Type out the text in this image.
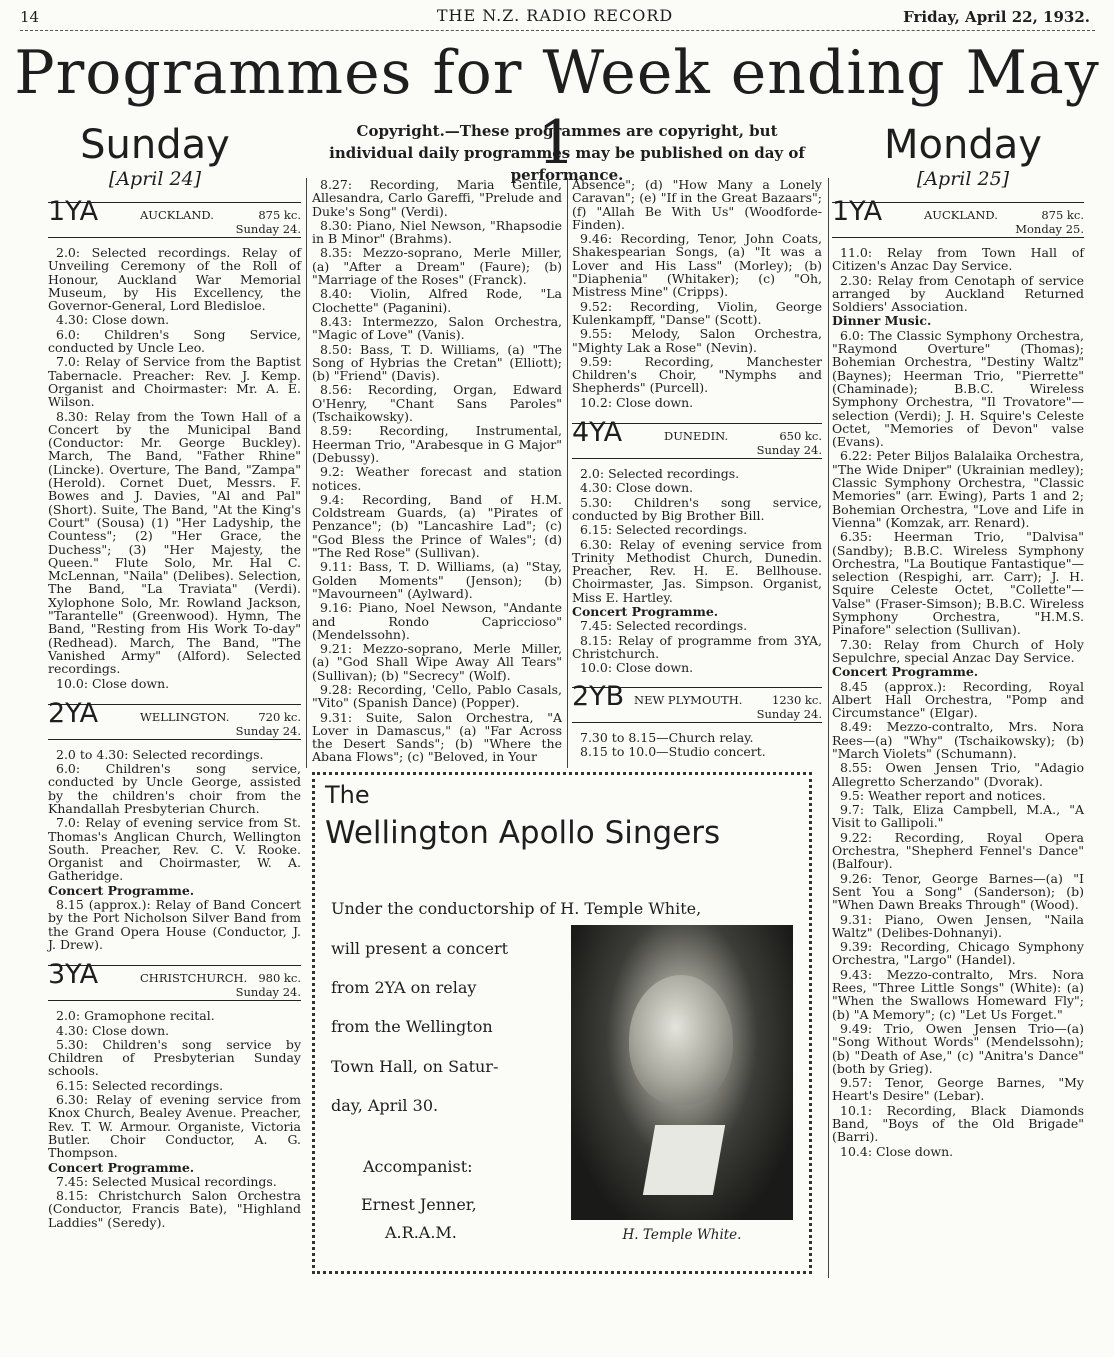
14	THE N.Z. RADIO RECORD	Friday, April 22, 1932.
Programmes for Week ending May 1
Copyright.—These programmes are copyright, but individual daily programmes may be published on day of performance.
Sunday
[April 24]
Monday
[April 25]
1YA	AUCKLAND.	875 kc.
Sunday 24.

2.0: Selected recordings. Relay of Unveiling Ceremony of the Roll of Honour, Auckland War Memorial Museum, by His Excellency, the Governor-General, Lord Bledisloe.

4.30: Close down.

6.0: Children's Song Service, conducted by Uncle Leo.

7.0: Relay of Service from the Baptist Tabernacle. Preacher: Rev. J. Kemp. Organist and Choirmaster: Mr. A. E. Wilson.

8.30: Relay from the Town Hall of a Concert by the Municipal Band (Conductor: Mr. George Buckley). March, The Band, "Father Rhine" (Lincke). Overture, The Band, "Zampa" (Herold). Cornet Duet, Messrs. F. Bowes and J. Davies, "Al and Pal" (Short). Suite, The Band, "At the King's Court" (Sousa) (1) "Her Ladyship, the Countess"; (2) "Her Grace, the Duchess"; (3) "Her Majesty, the Queen." Flute Solo, Mr. Hal C. McLennan, "Naila" (Delibes). Selection, The Band, "La Traviata" (Verdi). Xylophone Solo, Mr. Rowland Jackson, "Tarantelle" (Greenwood). Hymn, The Band, "Resting from His Work To-day" (Redhead). March, The Band, "The Vanished Army" (Alford). Selected recordings.

10.0: Close down.

2YA	WELLINGTON.	720 kc.
Sunday 24.

2.0 to 4.30: Selected recordings.

6.0: Children's song service, conducted by Uncle George, assisted by the children's choir from the Khandallah Presbyterian Church.

7.0: Relay of evening service from St. Thomas's Anglican Church, Wellington South. Preacher, Rev. C. V. Rooke. Organist and Choirmaster, W. A. Gatheridge.

Concert Programme.

8.15 (approx.): Relay of Band Concert by the Port Nicholson Silver Band from the Grand Opera House (Conductor, J. J. Drew).

3YA	CHRISTCHURCH. 980 kc.
Sunday 24.

2.0: Gramophone recital.

4.30: Close down.

5.30: Children's song service by Children of Presbyterian Sunday schools.

6.15: Selected recordings.

6.30: Relay of evening service from Knox Church, Bealey Avenue. Preacher, Rev. T. W. Armour. Organiste, Victoria Butler. Choir Conductor, A. G. Thompson.

Concert Programme.

7.45: Selected Musical recordings.

8.15: Christchurch Salon Orchestra (Conductor, Francis Bate), "Highland Laddies" (Seredy).

8.27: Recording, Maria Gentile, Allesandra, Carlo Gareffi, "Prelude and Duke's Song" (Verdi).

8.30: Piano, Niel Newson, "Rhapsodie in B Minor" (Brahms).

8.35: Mezzo-soprano, Merle Miller, (a) "After a Dream" (Faure); (b) "Marriage of the Roses" (Franck).

8.40: Violin, Alfred Rode, "La Clochette" (Paganini).

8.43: Intermezzo, Salon Orchestra, "Magic of Love" (Vanis).

8.50: Bass, T. D. Williams, (a) "The Song of Hybrias the Cretan" (Elliott); (b) "Friend" (Davis).

8.56: Recording, Organ, Edward O'Henry, "Chant Sans Paroles" (Tschaikowsky).

8.59: Recording, Instrumental, Heerman Trio, "Arabesque in G Major" (Debussy).

9.2: Weather forecast and station notices.

9.4: Recording, Band of H.M. Coldstream Guards, (a) "Pirates of Penzance"; (b) "Lancashire Lad"; (c) "God Bless the Prince of Wales"; (d) "The Red Rose" (Sullivan).

9.11: Bass, T. D. Williams, (a) "Stay, Golden Moments" (Jenson); (b) "Mavourneen" (Aylward).

9.16: Piano, Noel Newson, "Andante and Rondo Capriccioso" (Mendelssohn).

9.21: Mezzo-soprano, Merle Miller, (a) "God Shall Wipe Away All Tears" (Sullivan); (b) "Secrecy" (Wolf).

9.28: Recording, 'Cello, Pablo Casals, "Vito" (Spanish Dance) (Popper).

9.31: Suite, Salon Orchestra, "A Lover in Damascus," (a) "Far Across the Desert Sands"; (b) "Where the Abana Flows"; (c) "Beloved, in Your

Absence"; (d) "How Many a Lonely Caravan"; (e) "If in the Great Bazaars"; (f) "Allah Be With Us" (Woodforde-Finden).

9.46: Recording, Tenor, John Coats, Shakespearian Songs, (a) "It was a Lover and His Lass" (Morley); (b) "Diaphenia" (Whitaker); (c) "Oh, Mistress Mine" (Cripps).

9.52: Recording, Violin, George Kulenkampff, "Danse" (Scott).

9.55: Melody, Salon Orchestra, "Mighty Lak a Rose" (Nevin).

9.59: Recording, Manchester Children's Choir, "Nymphs and Shepherds" (Purcell).

10.2: Close down.

4YA	DUNEDIN.	650 kc.
Sunday 24.

2.0: Selected recordings.

4.30: Close down.

5.30: Children's song service, conducted by Big Brother Bill.

6.15: Selected recordings.

6.30: Relay of evening service from Trinity Methodist Church, Dunedin. Preacher, Rev. H. E. Bellhouse. Choirmaster, Jas. Simpson. Organist, Miss E. Hartley.

Concert Programme.

7.45: Selected recordings.

8.15: Relay of programme from 3YA, Christchurch.

10.0: Close down.

2YB NEW PLYMOUTH.	1230 kc.
Sunday 24.

7.30 to 8.15—Church relay.

8.15 to 10.0—Studio concert.

1YA	AUCKLAND.	875 kc.
Monday 25.

11.0: Relay from Town Hall of Citizen's Anzac Day Service.

2.30: Relay from Cenotaph of service arranged by Auckland Returned Soldiers' Association.

Dinner Music.

6.0: The Classic Symphony Orchestra, "Raymond Overture" (Thomas); Bohemian Orchestra, "Destiny Waltz" (Baynes); Heerman Trio, "Pierrette" (Chaminade); B.B.C. Wireless Symphony Orchestra, "Il Trovatore"—selection (Verdi); J. H. Squire's Celeste Octet, "Memories of Devon" valse (Evans).

6.22: Peter Biljos Balalaika Orchestra, "The Wide Dniper" (Ukrainian medley); Classic Symphony Orchestra, "Classic Memories" (arr. Ewing), Parts 1 and 2; Bohemian Orchestra, "Love and Life in Vienna" (Komzak, arr. Renard).

6.35: Heerman Trio, "Dalvisa" (Sandby); B.B.C. Wireless Symphony Orchestra, "La Boutique Fantastique"—selection (Respighi, arr. Carr); J. H. Squire Celeste Octet, "Collette"—Valse" (Fraser-Simson); B.B.C. Wireless Symphony Orchestra, "H.M.S. Pinafore" selection (Sullivan).

7.30: Relay from Church of Holy Sepulchre, special Anzac Day Service.

Concert Programme.

8.45 (approx.): Recording, Royal Albert Hall Orchestra, "Pomp and Circumstance" (Elgar).

8.49: Mezzo-contralto, Mrs. Nora Rees—(a) "Why" (Tschaikowsky); (b) "March Violets" (Schumann).

8.55: Owen Jensen Trio, "Adagio Allegretto Scherzando" (Dvorak).

9.5: Weather report and notices.

9.7: Talk, Eliza Campbell, M.A., "A Visit to Gallipoli."

9.22: Recording, Royal Opera Orchestra, "Shepherd Fennel's Dance" (Balfour).

9.26: Tenor, George Barnes—(a) "I Sent You a Song" (Sanderson); (b) "When Dawn Breaks Through" (Wood).

9.31: Piano, Owen Jensen, "Naila Waltz" (Delibes-Dohnanyi).

9.39: Recording, Chicago Symphony Orchestra, "Largo" (Handel).

9.43: Mezzo-contralto, Mrs. Nora Rees, "Three Little Songs" (White): (a) "When the Swallows Homeward Fly"; (b) "A Memory"; (c) "Let Us Forget."

9.49: Trio, Owen Jensen Trio—(a) "Song Without Words" (Mendelssohn); (b) "Death of Ase," (c) "Anitra's Dance" (both by Grieg).

9.57: Tenor, George Barnes, "My Heart's Desire" (Lebar).

10.1: Recording, Black Diamonds Band, "Boys of the Old Brigade" (Barri).

10.4: Close down.

The
Wellington Apollo Singers
Under the conductorship of H. Temple White,
will present a concert
from 2YA on relay
from the Wellington
Town Hall, on Satur-
day, April 30.
Accompanist:
Ernest Jenner,
A.R.A.M.	H. Temple White.
